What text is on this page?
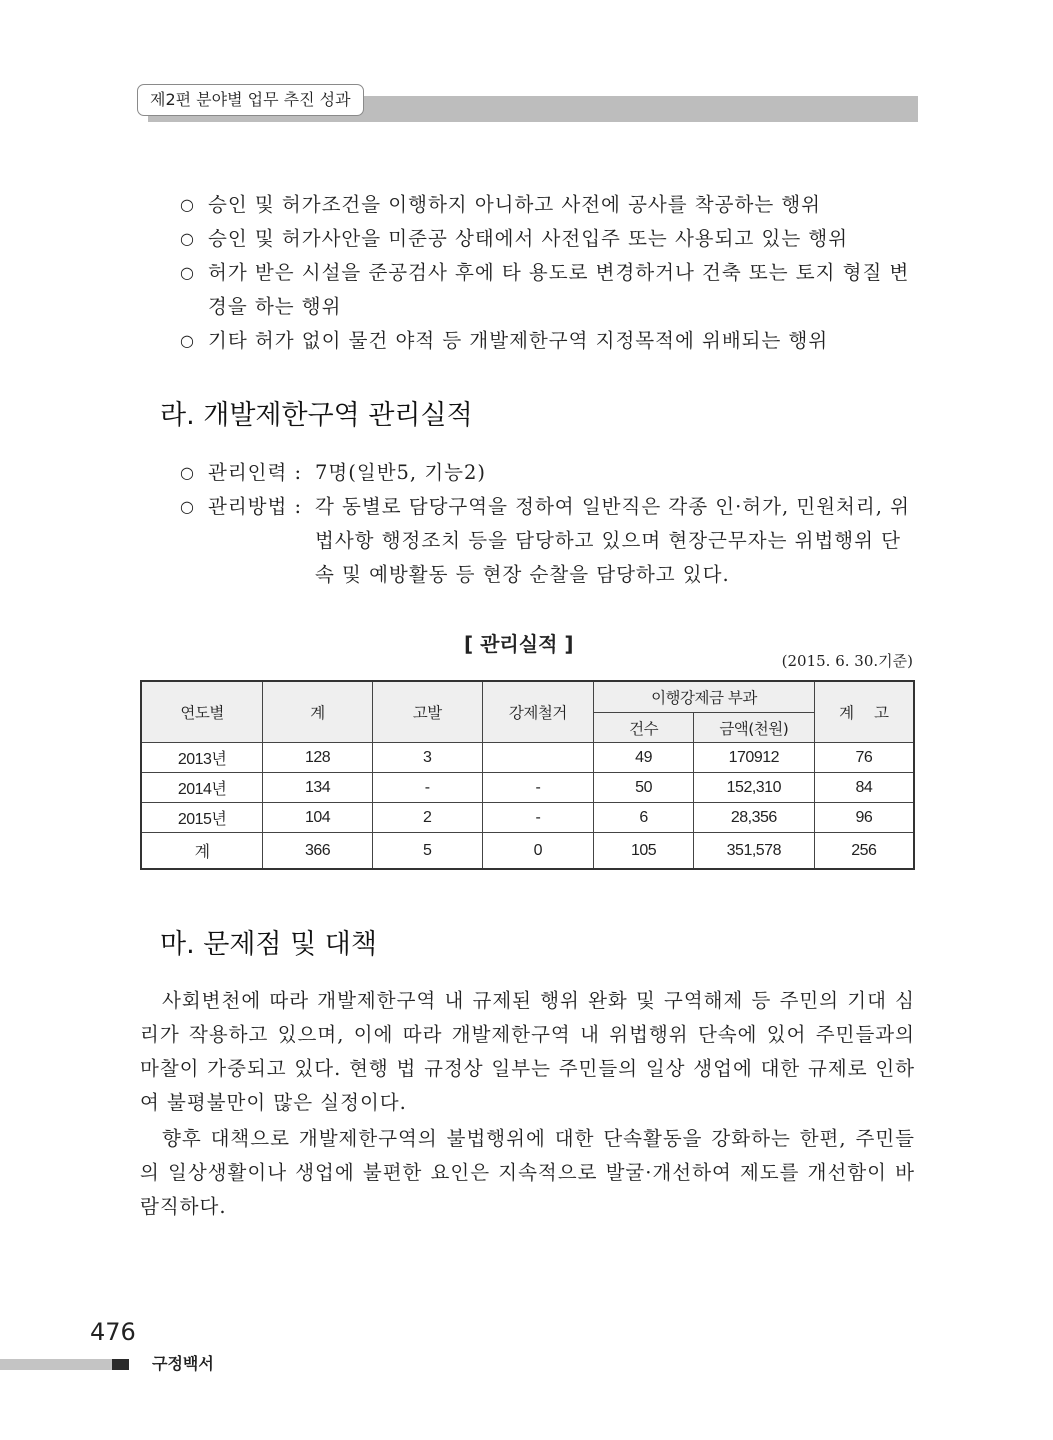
제2편 분야별 업무 추진 성과
○ 승인 및 허가조건을 이행하지 아니하고 사전에 공사를 착공하는 행위
○ 승인 및 허가사안을 미준공 상태에서 사전입주 또는 사용되고 있는 행위
○ 허가 받은 시설을 준공검사 후에 타 용도로 변경하거나 건축 또는 토지 형질 변경을 하는 행위
○ 기타 허가 없이 물건 야적 등 개발제한구역 지정목적에 위배되는 행위
라. 개발제한구역 관리실적
○ 관리인력 : 7명(일반5, 기능2)
○ 관리방법 : 각 동별로 담당구역을 정하여 일반직은 각종 인·허가, 민원처리, 위법사항 행정조치 등을 담당하고 있으며 현장근무자는 위법행위 단속 및 예방활동 등 현장 순찰을 담당하고 있다.
[ 관리실적 ]
(2015. 6. 30.기준)
연도별	계	고발	강제철거	이행강제금 부과		계 고
				건수	금액(천원)	
2013년	128	3		49	170912	76
2014년	134	-	-	50	152,310	84
2015년	104	2	-	6	28,356	96
계	366	5	0	105	351,578	256
마. 문제점 및 대책

사회변천에 따라 개발제한구역 내 규제된 행위 완화 및 구역해제 등 주민의 기대 심리가 작용하고 있으며, 이에 따라 개발제한구역 내 위법행위 단속에 있어 주민들과의 마찰이 가중되고 있다. 현행 법 규정상 일부는 주민들의 일상 생업에 대한 규제로 인하여 불평불만이 많은 실정이다.

향후 대책으로 개발제한구역의 불법행위에 대한 단속활동을 강화하는 한편, 주민들의 일상생활이나 생업에 불편한 요인은 지속적으로 발굴·개선하여 제도를 개선함이 바람직하다.

476
구정백서
